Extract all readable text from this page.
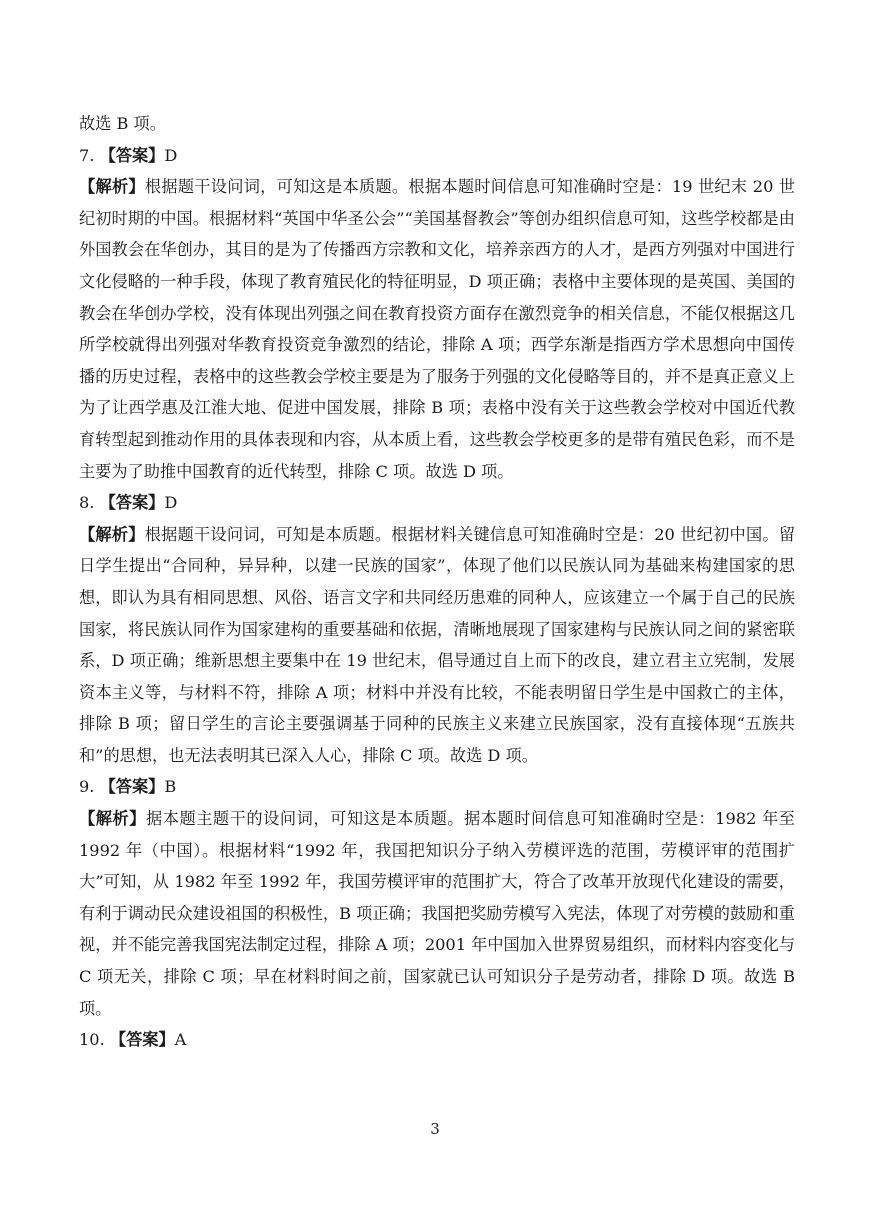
故选 B 项。

7. 【答案】D

【解析】根据题干设问词，可知这是本质题。根据本题时间信息可知准确时空是：19 世纪末 20 世纪初时期的中国。根据材料“英国中华圣公会”“美国基督教会”等创办组织信息可知，这些学校都是由外国教会在华创办，其目的是为了传播西方宗教和文化，培养亲西方的人才，是西方列强对中国进行文化侵略的一种手段，体现了教育殖民化的特征明显，D 项正确；表格中主要体现的是英国、美国的教会在华创办学校，没有体现出列强之间在教育投资方面存在激烈竞争的相关信息，不能仅根据这几所学校就得出列强对华教育投资竞争激烈的结论，排除 A 项；西学东渐是指西方学术思想向中国传播的历史过程，表格中的这些教会学校主要是为了服务于列强的文化侵略等目的，并不是真正意义上为了让西学惠及江淮大地、促进中国发展，排除 B 项；表格中没有关于这些教会学校对中国近代教育转型起到推动作用的具体表现和内容，从本质上看，这些教会学校更多的是带有殖民色彩，而不是主要为了助推中国教育的近代转型，排除 C 项。故选 D 项。

8. 【答案】D

【解析】根据题干设问词，可知是本质题。根据材料关键信息可知准确时空是：20 世纪初中国。留日学生提出“合同种，异异种，以建一民族的国家”，体现了他们以民族认同为基础来构建国家的思想，即认为具有相同思想、风俗、语言文字和共同经历患难的同种人，应该建立一个属于自己的民族国家，将民族认同作为国家建构的重要基础和依据，清晰地展现了国家建构与民族认同之间的紧密联系，D 项正确；维新思想主要集中在 19 世纪末，倡导通过自上而下的改良，建立君主立宪制，发展资本主义等，与材料不符，排除 A 项；材料中并没有比较，不能表明留日学生是中国救亡的主体，排除 B 项；留日学生的言论主要强调基于同种的民族主义来建立民族国家，没有直接体现“五族共和”的思想，也无法表明其已深入人心，排除 C 项。故选 D 项。

9. 【答案】B

【解析】据本题主题干的设问词，可知这是本质题。据本题时间信息可知准确时空是：1982 年至 1992 年（中国）。根据材料“1992 年，我国把知识分子纳入劳模评选的范围，劳模评审的范围扩大”可知，从 1982 年至 1992 年，我国劳模评审的范围扩大，符合了改革开放现代化建设的需要，有利于调动民众建设祖国的积极性，B 项正确；我国把奖励劳模写入宪法，体现了对劳模的鼓励和重视，并不能完善我国宪法制定过程，排除 A 项；2001 年中国加入世界贸易组织，而材料内容变化与 C 项无关，排除 C 项；早在材料时间之前，国家就已认可知识分子是劳动者，排除 D 项。故选 B 项。

10. 【答案】A

3
